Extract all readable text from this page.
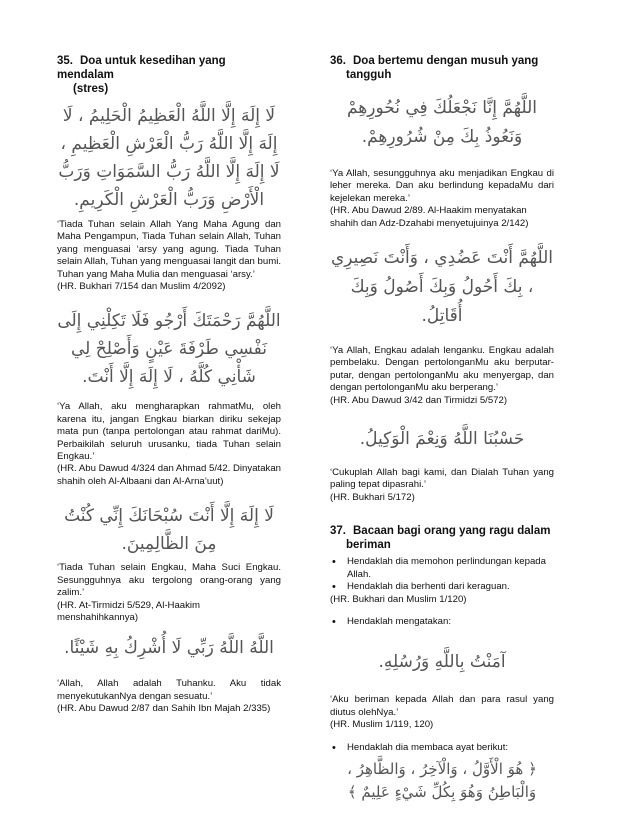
35. Doa untuk kesedihan yang mendalam
(stres)

لَا إِلَهَ إِلَّا اللَّهُ الْعَظِيمُ الْحَلِيمُ ، لَا إِلَهَ إِلَّا اللَّهُ رَبُّ الْعَرْشِ الْعَظِيمِ ، لَا إِلَهَ إِلَّا اللَّهُ رَبُّ السَّمَوَاتِ وَرَبُّ الْأَرْضِ وَرَبُّ الْعَرْشِ الْكَرِيمِ.

‘Tiada Tuhan selain Allah Yang Maha Agung dan Maha Pengampun, Tiada Tuhan selain Allah, Tuhan yang menguasai ‘arsy yang agung. Tiada Tuhan selain Allah, Tuhan yang menguasai langit dan bumi. Tuhan yang Maha Mulia dan menguasai ‘arsy.’

(HR. Bukhari 7/154 dan Muslim 4/2092)

اللَّهُمَّ رَحْمَتَكَ أَرْجُو فَلَا تَكِلْنِي إِلَى نَفْسِي طَرْفَةَ عَيْنٍ وَأَصْلِحْ لِي شَأْنِي كُلَّهُ ، لَا إِلَهَ إِلَّا أَنْتَ.

‘Ya Allah, aku mengharapkan rahmatMu, oleh karena itu, jangan Engkau biarkan diriku sekejap mata pun (tanpa pertolongan atau rahmat dariMu). Perbaikilah seluruh urusanku, tiada Tuhan selain Engkau.’

(HR. Abu Dawud 4/324 dan Ahmad 5/42. Dinyatakan shahih oleh Al-Albaani dan Al-Arna’uut)

لَا إِلَهَ إِلَّا أَنْتَ سُبْحَانَكَ إِنِّي كُنْتُ مِنَ الظَّالِمِينَ.

‘Tiada Tuhan selain Engkau, Maha Suci Engkau. Sesungguhnya aku tergolong orang-orang yang zalim.’

(HR. At-Tirmidzi 5/529, Al-Haakim menshahihkannya)

اللَّهُ اللَّهُ رَبِّي لَا أُشْرِكُ بِهِ شَيْئًا.

‘Allah, Allah adalah Tuhanku. Aku tidak menyekutukanNya dengan sesuatu.’

(HR. Abu Dawud 2/87 dan Sahih Ibn Majah 2/335)

36. Doa bertemu dengan musuh yang
tangguh

اللَّهُمَّ إِنَّا نَجْعَلُكَ فِي نُحُورِهِمْ وَنَعُوذُ بِكَ مِنْ شُرُورِهِمْ.

‘Ya Allah, sesungguhnya aku menjadikan Engkau di leher mereka. Dan aku berlindung kepadaMu dari kejelekan mereka.’

(HR. Abu Dawud 2/89. Al-Haakim menyatakan shahih dan Adz-Dzahabi menyetujuinya 2/142)

اللَّهُمَّ أَنْتَ عَضُدِي ، وَأَنْتَ نَصِيرِي ، بِكَ أَحُولُ وَبِكَ أَصُولُ وَبِكَ أُقَاتِلُ.

‘Ya Allah, Engkau adalah lenganku. Engkau adalah pembelaku. Dengan pertolonganMu aku berputar-putar, dengan pertolonganMu aku menyergap, dan dengan pertolonganMu aku berperang.’

(HR. Abu Dawud 3/42 dan Tirmidzi 5/572)

حَسْبُنَا اللَّهُ وَنِعْمَ الْوَكِيلُ.

‘Cukuplah Allah bagi kami, dan Dialah Tuhan yang paling tepat dipasrahi.’

(HR. Bukhari 5/172)

37. Bacaan bagi orang yang ragu dalam
beriman

• Hendaklah dia memohon perlindungan kepada Allah.
• Hendaklah dia berhenti dari keraguan.

(HR. Bukhari dan Muslim 1/120)

• Hendaklah mengatakan:

آمَنْتُ بِاللَّهِ وَرُسُلِهِ.

‘Aku beriman kepada Allah dan para rasul yang diutus olehNya.’

(HR. Muslim 1/119, 120)

• Hendaklah dia membaca ayat berikut:

﴿ هُوَ الْأَوَّلُ ، وَالْآخِرُ ، وَالظَّاهِرُ ، وَالْبَاطِنُ وَهُوَ بِكُلِّ شَيْءٍ عَلِيمٌ ﴾
